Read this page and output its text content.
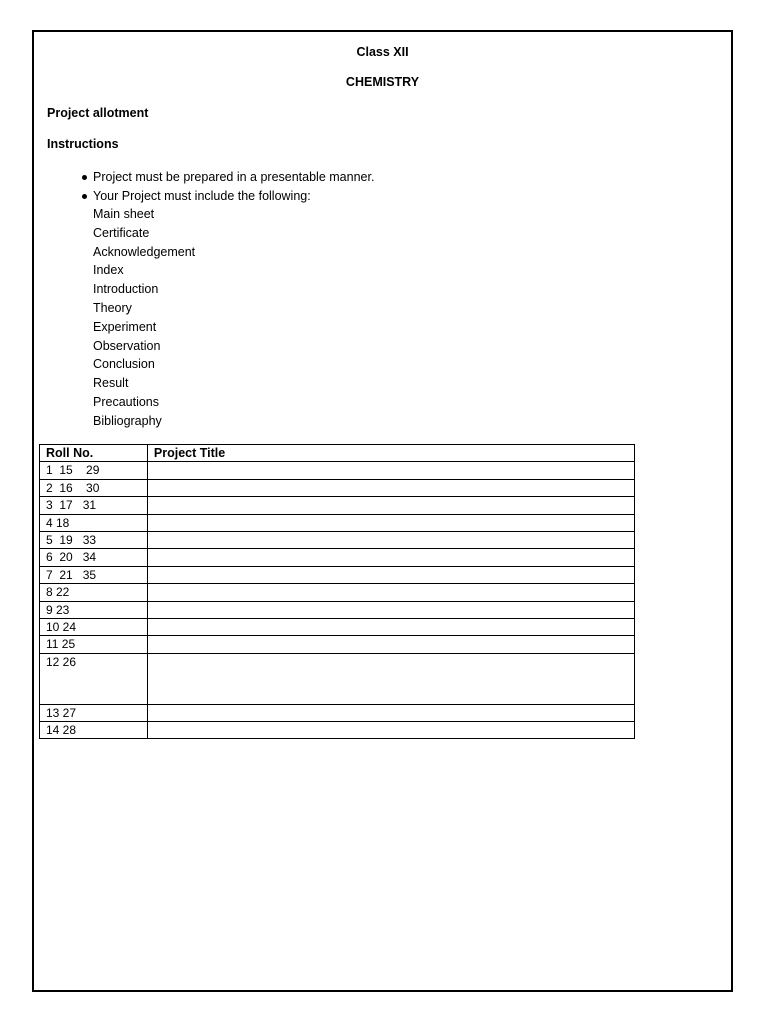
Class XII
CHEMISTRY
Project allotment
Instructions
Project must be prepared in a presentable manner.
Your Project must include the following:
Main sheet
Certificate
Acknowledgement
Index
Introduction
Theory
Experiment
Observation
Conclusion
Result
Precautions
Bibliography
Roll No.	Project Title
1  15    29	
2  16    30	
3  17   31	
4 18	
5  19   33	
6  20   34	
7  21   35	
8 22	
9 23	
10 24	
11 25	
12 26	
13 27	
14 28	
